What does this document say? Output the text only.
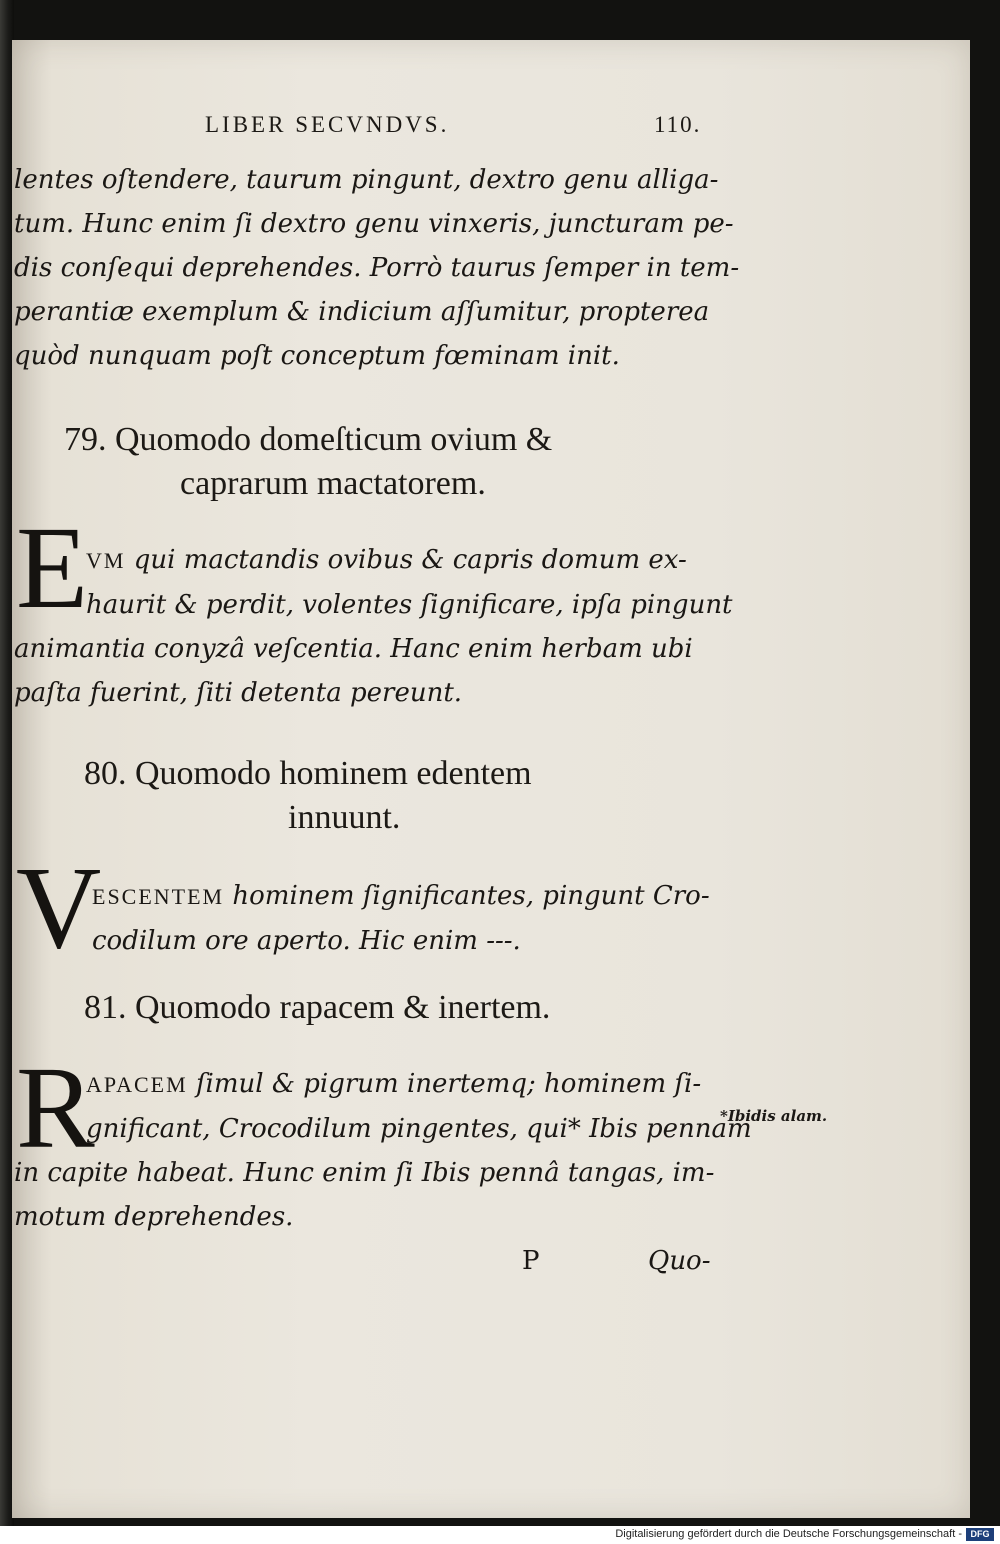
LIBER SECVNDVS.	110.
lentes oſtendere, taurum pingunt, dextro genu alliga-
tum. Hunc enim ſi dextro genu vinxeris, juncturam pe-
dis conſequi deprehendes. Porrò taurus ſemper in tem-
perantiæ exemplum & indicium aſſumitur, propterea
quòd nunquam poſt conceptum fœminam init.
79. Quomodo domeſticum ovium &
caprarum mactatorem.
E
VM qui mactandis ovibus & capris domum ex-
haurit & perdit, volentes ſignificare, ipſa pingunt
animantia conyzâ veſcentia. Hanc enim herbam ubi
paſta fuerint, ſiti detenta pereunt.
80. Quomodo hominem edentem
innuunt.
V
ESCENTEM hominem ſignificantes, pingunt Cro-
codilum ore aperto. Hic enim ---.
81. Quomodo rapacem & inertem.
R
APACEM ſimul & pigrum inertemq; hominem ſi-
gnificant, Crocodilum pingentes, qui* Ibis pennam
in capite habeat. Hunc enim ſi Ibis pennâ tangas, im-
motum deprehendes.
*Ibidis alam.
P	Quo-
Digitalisierung gefördert durch die Deutsche Forschungsgemeinschaft - DFG
